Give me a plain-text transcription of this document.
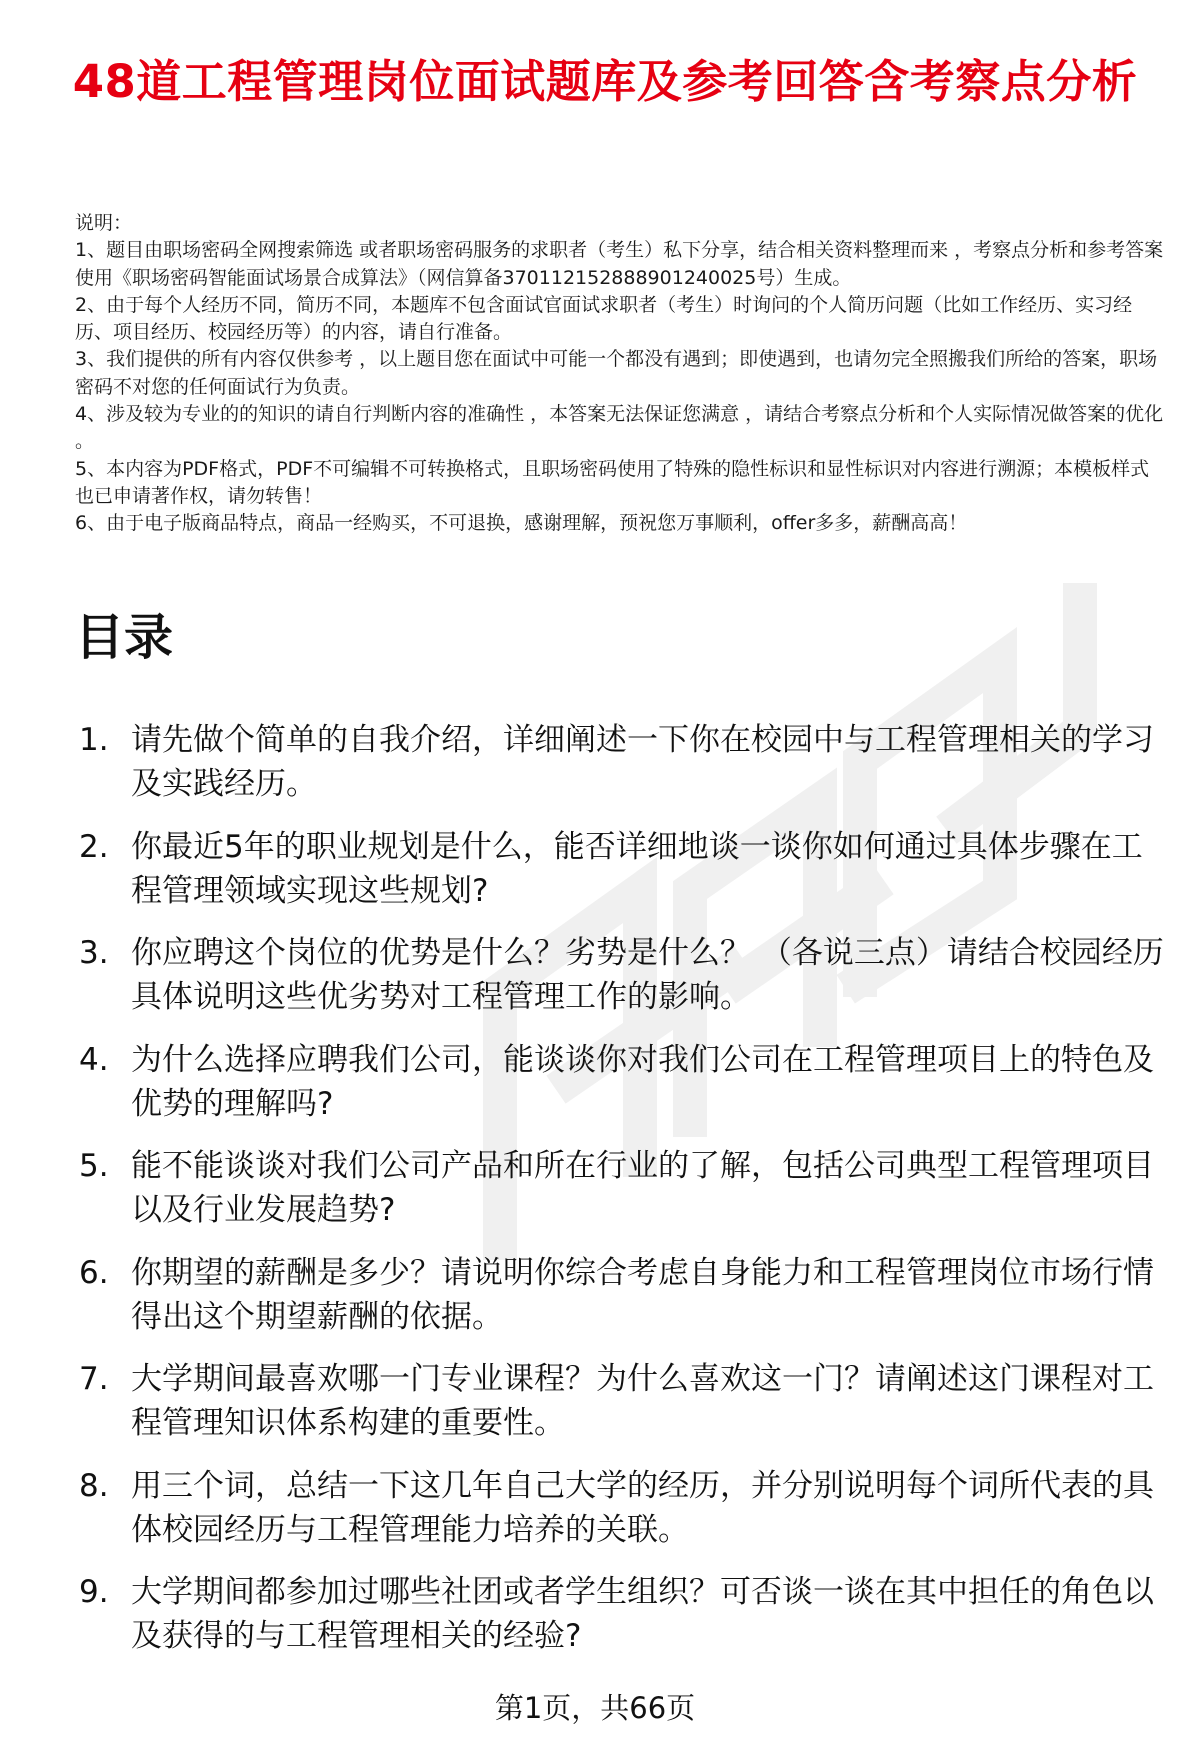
48道工程管理岗位面试题库及参考回答含考察点分析

说明：

1、题目由职场密码全网搜索筛选 或者职场密码服务的求职者（考生）私下分享，结合相关资料整理而来 ，考察点分析和参考答案使用《职场密码智能面试场景合成算法》（网信算备370112152888901240025号）生成。

2、由于每个人经历不同，简历不同，本题库不包含面试官面试求职者（考生）时询问的个人简历问题（比如工作经历、实习经历、项目经历、校园经历等）的内容，请自行准备。

3、我们提供的所有内容仅供参考 ，以上题目您在面试中可能一个都没有遇到；即使遇到，也请勿完全照搬我们所给的答案，职场密码不对您的任何面试行为负责。

4、涉及较为专业的的知识的请自行判断内容的准确性 ，本答案无法保证您满意 ，请结合考察点分析和个人实际情况做答案的优化 。

5、本内容为PDF格式，PDF不可编辑不可转换格式，且职场密码使用了特殊的隐性标识和显性标识对内容进行溯源；本模板样式也已申请著作权，请勿转售！

6、由于电子版商品特点，商品一经购买，不可退换，感谢理解，预祝您万事顺利，offer多多，薪酬高高！

目录
1. 请先做个简单的自我介绍，详细阐述一下你在校园中与工程管理相关的学习及实践经历。
2. 你最近5年的职业规划是什么，能否详细地谈一谈你如何通过具体步骤在工程管理领域实现这些规划?
3. 你应聘这个岗位的优势是什么？劣势是什么？ （各说三点）请结合校园经历具体说明这些优劣势对工程管理工作的影响。
4. 为什么选择应聘我们公司，能谈谈你对我们公司在工程管理项目上的特色及优势的理解吗?
5. 能不能谈谈对我们公司产品和所在行业的了解，包括公司典型工程管理项目以及行业发展趋势?
6. 你期望的薪酬是多少？请说明你综合考虑自身能力和工程管理岗位市场行情得出这个期望薪酬的依据。
7. 大学期间最喜欢哪一门专业课程？为什么喜欢这一门？请阐述这门课程对工程管理知识体系构建的重要性。
8. 用三个词，总结一下这几年自己大学的经历，并分别说明每个词所代表的具体校园经历与工程管理能力培养的关联。
9. 大学期间都参加过哪些社团或者学生组织？可否谈一谈在其中担任的角色以及获得的与工程管理相关的经验?
第1页，共66页
